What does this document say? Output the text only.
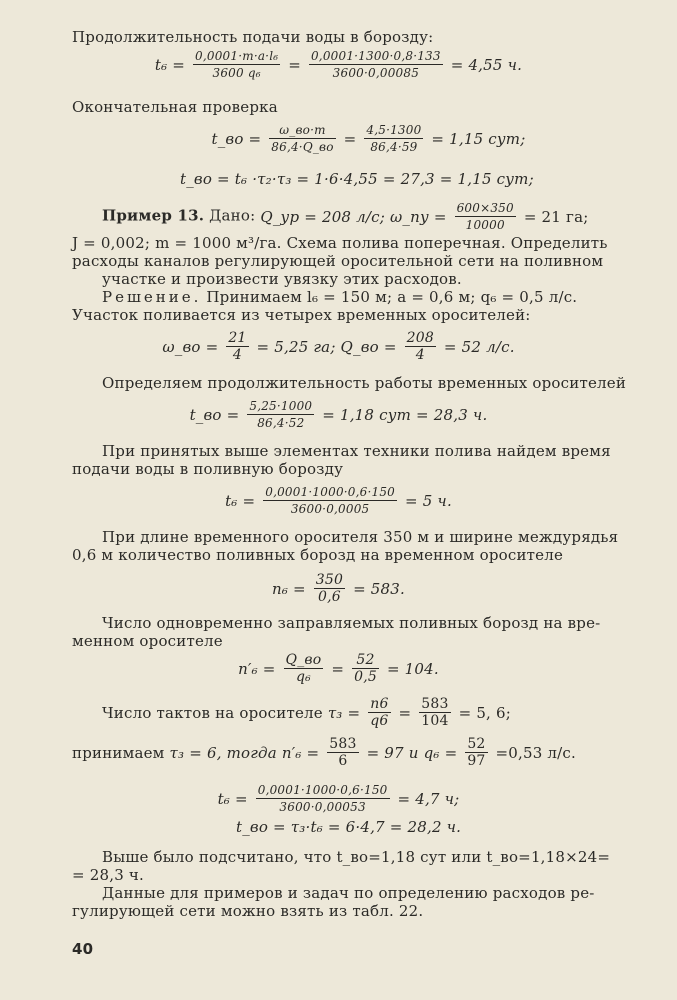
Продолжительность подачи воды в борозду:
$t_6 = \frac{\text{0,0001·m·a·l₆}}{\text{3600 q₆}} = \frac{0,0001\cdot 1300\cdot 0,8\cdot 133}{3600\cdot 0,00085} = 4,55$ ч.
Окончательная проверка
t_во = $\frac{\omega\_во\cdot m}{86,4\cdot Q\_во} = \frac{4,5\cdot 1300}{86,4\cdot 59} = 1,15$ сут;
t_во = t₆ ·τ₂·τ₃ = 1·6·4,55 = 27,3 = 1,15 сут;
Пример 13. Дано: Q_ур = 208 л/с; ω_пу = $\frac{600\times 350}{10000} = 21$ га;
J = 0,002; m = 1000 м³/га. Схема полива поперечная. Определить
расходы каналов регулирующей оросительной сети на поливном
участке и произвести увязку этих расходов.
Решение. Принимаем l₆ = 150 м; a = 0,6 м; q₆ = 0,5 л/с.
Участок поливается из четырех временных оросителей:
ω_во = $\frac{21}{4} = 5,25$ га; Q_во = $\frac{208}{4} = 52$ л/с.
Определяем продолжительность работы временных оросителей
t_во = $\frac{5,25\cdot 1000}{86,4\cdot 52} = 1,18$ сут = 28,3 ч.
При принятых выше элементах техники полива найдем время
подачи воды в поливную борозду
$t_6 = \frac{0,0001\cdot 1000\cdot 0,6\cdot 150}{3600\cdot 0,0005} = 5$ ч.
При длине временного оросителя 350 м и ширине междурядья
0,6 м количество поливных борозд на временном оросителе
$n_6 = \frac{350}{0,6} = 583$.
Число одновременно заправляемых поливных борозд на вре-
менном оросителе
$n'_6 = \frac{Q\_во}{\text{q₆}} = \frac{52}{0,5} = 104$.
Число тактов на оросителе $\tau_3 = \frac{n6}{q6} = \frac{583}{104} = 5$, 6;
принимаем τ₃ = 6, тогда $n'_6 = \frac{583}{6} = 97$ и $q_6 = \frac{52}{97} =0,53$ л/с.
$t_6 = \frac{0,0001\cdot 1000\cdot 0,6\cdot 150}{3600\cdot 0,00053} = 4,7$ ч;
t_во = τ₃·t₆ = 6·4,7 = 28,2 ч.
Выше было подсчитано, что t_во=1,18 сут или t_во=1,18×24=
= 28,3 ч.
Данные для примеров и задач по определению расходов ре-
гулирующей сети можно взять из табл. 22.
40
